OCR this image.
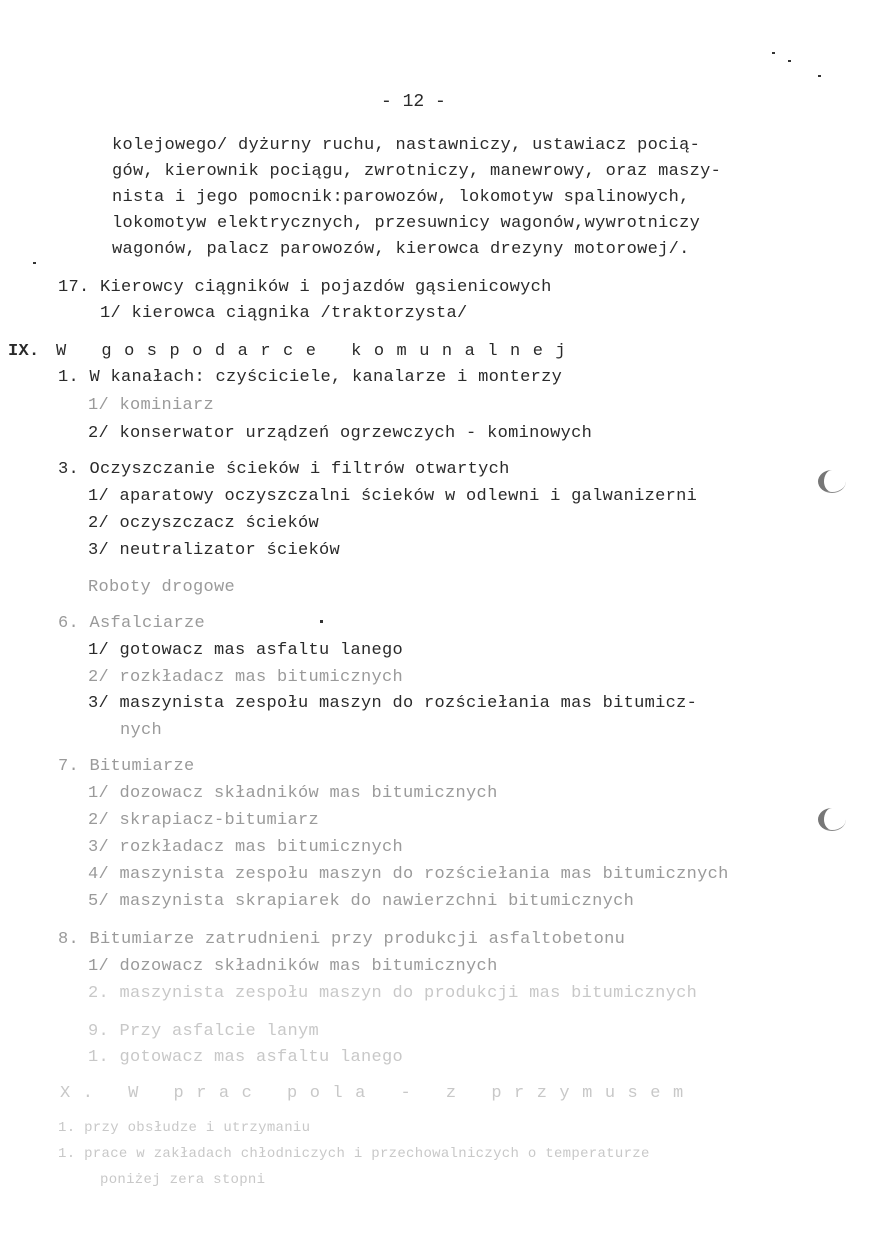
- 12 -
kolejowego/ dyżurny ruchu, nastawniczy, ustawiacz pocią-
gów, kierownik pociągu, zwrotniczy, manewrowy, oraz maszy-
nista i jego pomocnik:parowozów, lokomotyw spalinowych,
lokomotyw elektrycznych, przesuwnicy wagonów,wywrotniczy
wagonów, palacz parowozów, kierowca drezyny motorowej/.
17. Kierowcy ciągników i pojazdów gąsienicowych
1/ kierowca ciągnika /traktorzysta/
IX. W gospodarce komunalnej
1. W kanałach: czyściciele, kanalarze i monterzy
1/ kominiarz
2/ konserwator urządzeń ogrzewczych - kominowych
3. Oczyszczanie ścieków i filtrów otwartych
1/ aparatowy oczyszczalni ścieków w odlewni i galwanizerni
2/ oczyszczacz ścieków
3/ neutralizator ścieków
Roboty drogowe
6. Asfalciarze
1/ gotowacz mas asfaltu lanego
2/ rozkładacz mas bitumicznych
3/ maszynista zespołu maszyn do rozściełania mas bitumicz-
nych
7. Bitumiarze
1/ dozowacz składników mas bitumicznych
2/ skrapiacz-bitumiarz
3/ rozkładacz mas bitumicznych
4/ maszynista zespołu maszyn do rozściełania mas bitumicznych
5/ maszynista skrapiarek do nawierzchni bitumicznych
8. Bitumiarze zatrudnieni przy produkcji asfaltobetonu
1/ dozowacz składników mas bitumicznych
2. maszynista zespołu maszyn do produkcji mas bitumicznych
9. Przy asfalcie lanym
1. gotowacz mas asfaltu lanego
X. W prac pola - z przymusem
1. przy obsłudze i utrzymaniu
1. prace w zakładach chłodniczych i przechowalniczych o temperaturze
poniżej zera stopni
